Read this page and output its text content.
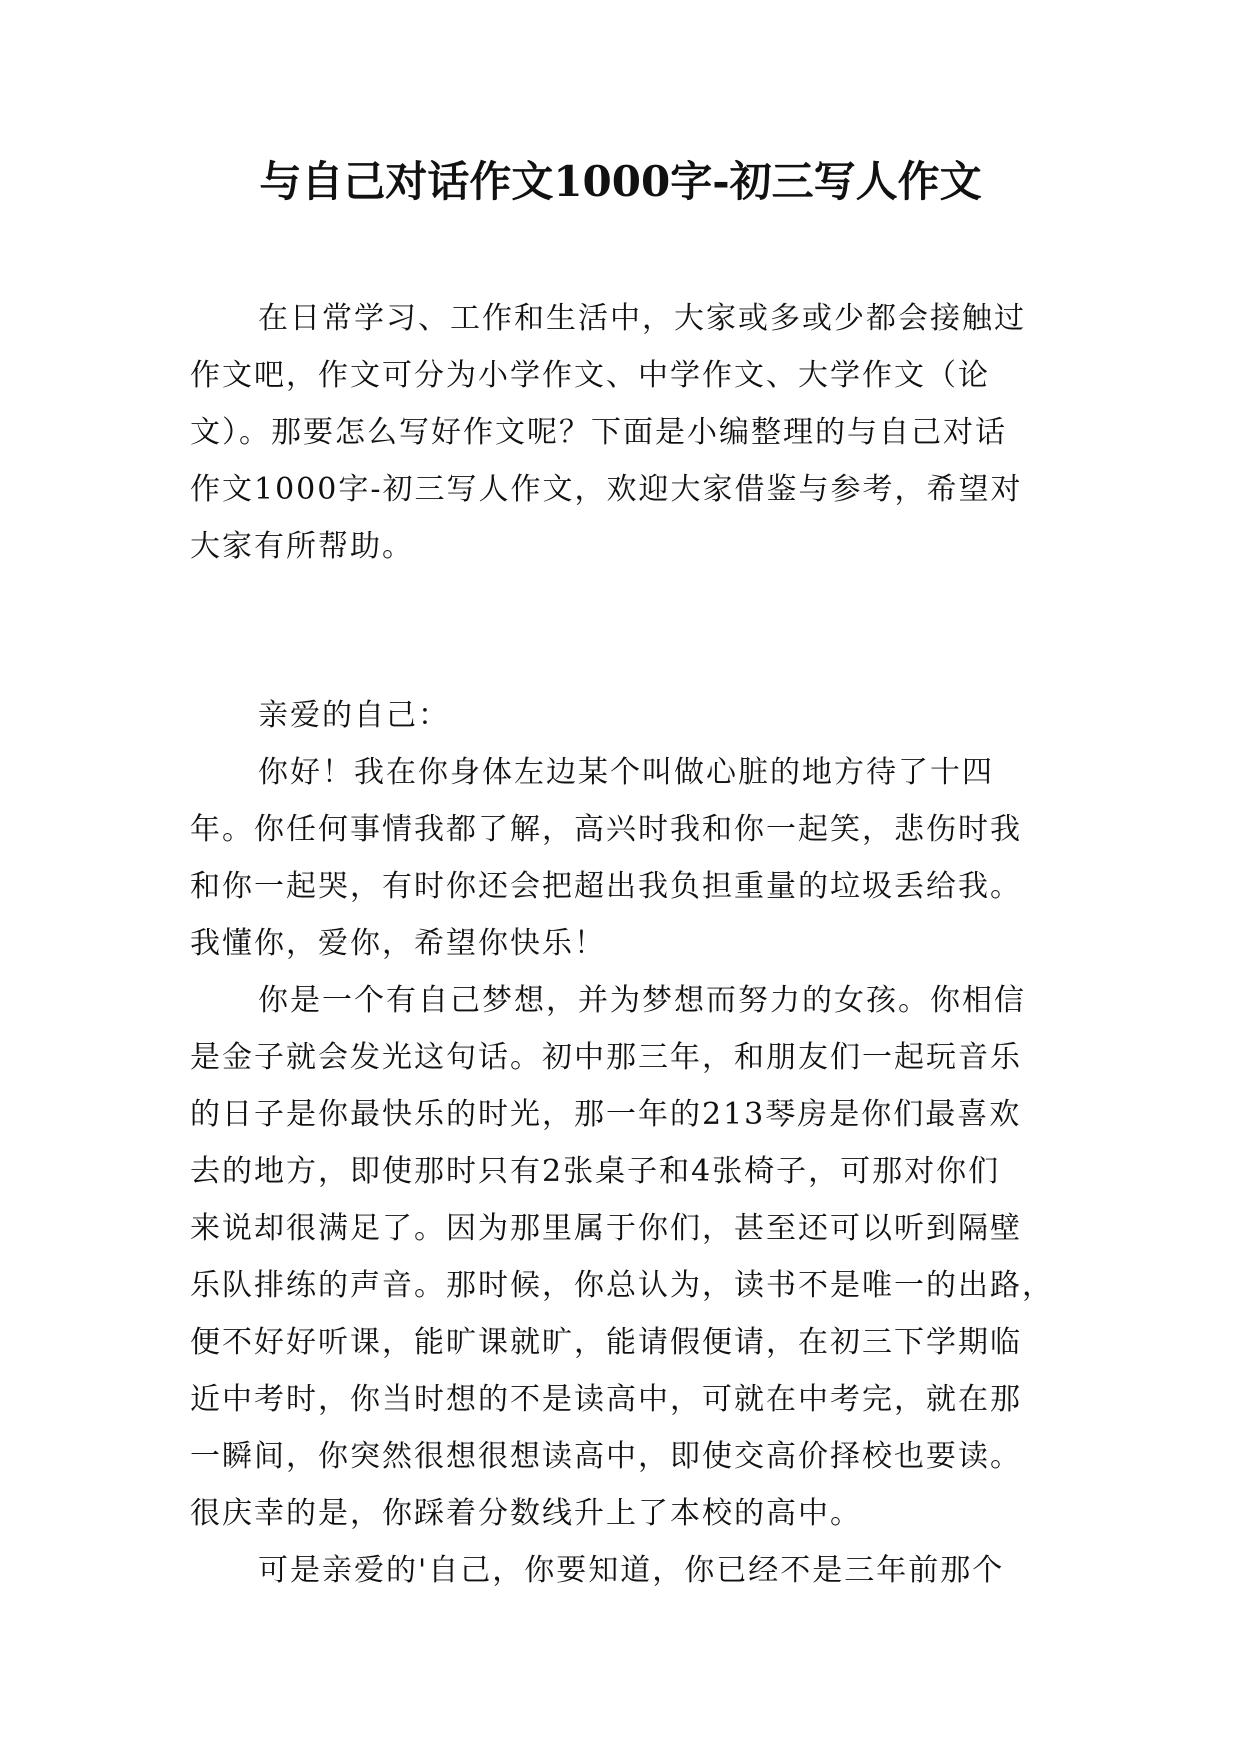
与自己对话作文1000字-初三写人作文
在日常学习、工作和生活中，大家或多或少都会接触过
作文吧，作文可分为小学作文、中学作文、大学作文（论
文）。那要怎么写好作文呢？下面是小编整理的与自己对话
作文1000字-初三写人作文，欢迎大家借鉴与参考，希望对
大家有所帮助。
亲爱的自己：
你好！我在你身体左边某个叫做心脏的地方待了十四
年。你任何事情我都了解，高兴时我和你一起笑，悲伤时我
和你一起哭，有时你还会把超出我负担重量的垃圾丢给我。
我懂你，爱你，希望你快乐！
你是一个有自己梦想，并为梦想而努力的女孩。你相信
是金子就会发光这句话。初中那三年，和朋友们一起玩音乐
的日子是你最快乐的时光，那一年的213琴房是你们最喜欢
去的地方，即使那时只有2张桌子和4张椅子，可那对你们
来说却很满足了。因为那里属于你们，甚至还可以听到隔壁
乐队排练的声音。那时候，你总认为，读书不是唯一的出路，
便不好好听课，能旷课就旷，能请假便请，在初三下学期临
近中考时，你当时想的不是读高中，可就在中考完，就在那
一瞬间，你突然很想很想读高中，即使交高价择校也要读。
很庆幸的是，你踩着分数线升上了本校的高中。
可是亲爱的'自己，你要知道，你已经不是三年前那个
